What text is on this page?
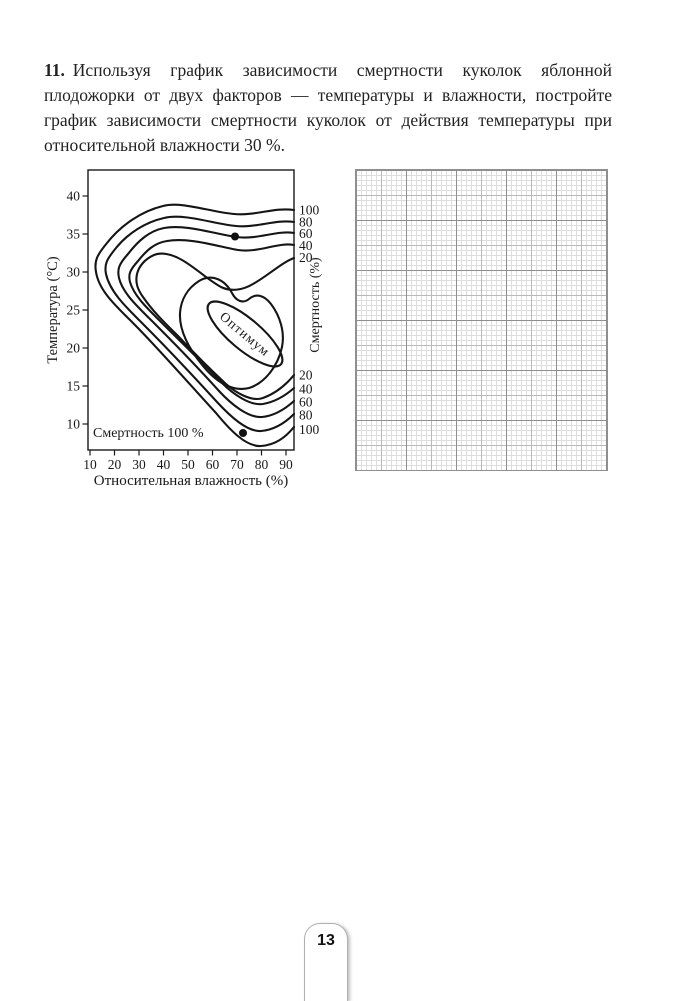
11. Используя график зависимости смертности куколок яблонной плодожорки от двух факторов — температуры и влажности, постройте график зависимости смертности куколок от действия температуры при относительной влажности 30 %.

40
35
30
25
20
15
10
10 20 30 40 50 60 70 80 90
Температура (°C)
Относительная влажность (%)
Смертность (%)
Оптимум
Смертность 100 %
100
80
60
40
20
20
40
60
80
100
13
